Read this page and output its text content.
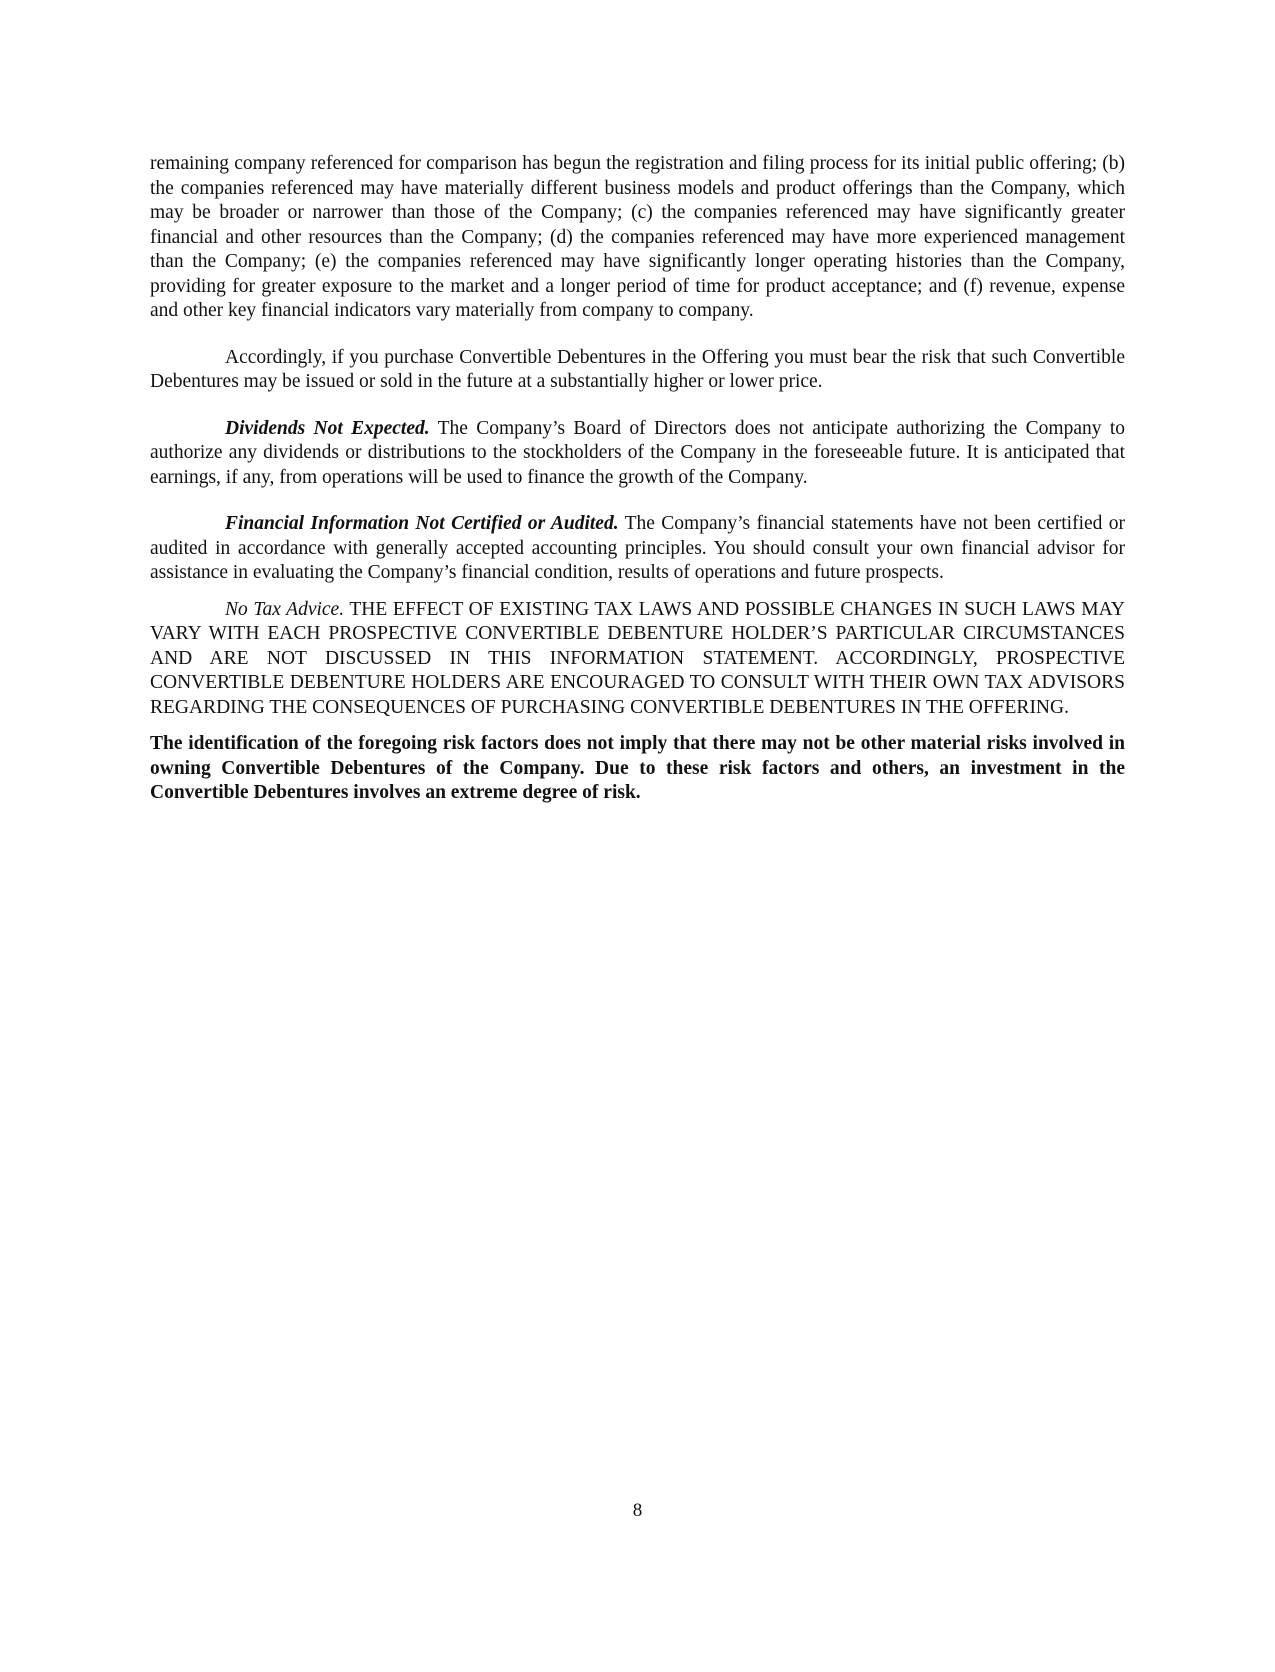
remaining company referenced for comparison has begun the registration and filing process for its initial public offering; (b) the companies referenced may have materially different business models and product offerings than the Company, which may be broader or narrower than those of the Company; (c) the companies referenced may have significantly greater financial and other resources than the Company; (d) the companies referenced may have more experienced management than the Company; (e) the companies referenced may have significantly longer operating histories than the Company, providing for greater exposure to the market and a longer period of time for product acceptance; and (f) revenue, expense and other key financial indicators vary materially from company to company.

Accordingly, if you purchase Convertible Debentures in the Offering you must bear the risk that such Convertible Debentures may be issued or sold in the future at a substantially higher or lower price.

Dividends Not Expected. The Company’s Board of Directors does not anticipate authorizing the Company to authorize any dividends or distributions to the stockholders of the Company in the foreseeable future. It is anticipated that earnings, if any, from operations will be used to finance the growth of the Company.

Financial Information Not Certified or Audited. The Company’s financial statements have not been certified or audited in accordance with generally accepted accounting principles. You should consult your own financial advisor for assistance in evaluating the Company’s financial condition, results of operations and future prospects.

No Tax Advice. THE EFFECT OF EXISTING TAX LAWS AND POSSIBLE CHANGES IN SUCH LAWS MAY VARY WITH EACH PROSPECTIVE CONVERTIBLE DEBENTURE HOLDER’S PARTICULAR CIRCUMSTANCES AND ARE NOT DISCUSSED IN THIS INFORMATION STATEMENT. ACCORDINGLY, PROSPECTIVE CONVERTIBLE DEBENTURE HOLDERS ARE ENCOURAGED TO CONSULT WITH THEIR OWN TAX ADVISORS REGARDING THE CONSEQUENCES OF PURCHASING CONVERTIBLE DEBENTURES IN THE OFFERING.

The identification of the foregoing risk factors does not imply that there may not be other material risks involved in owning Convertible Debentures of the Company. Due to these risk factors and others, an investment in the Convertible Debentures involves an extreme degree of risk.

8
